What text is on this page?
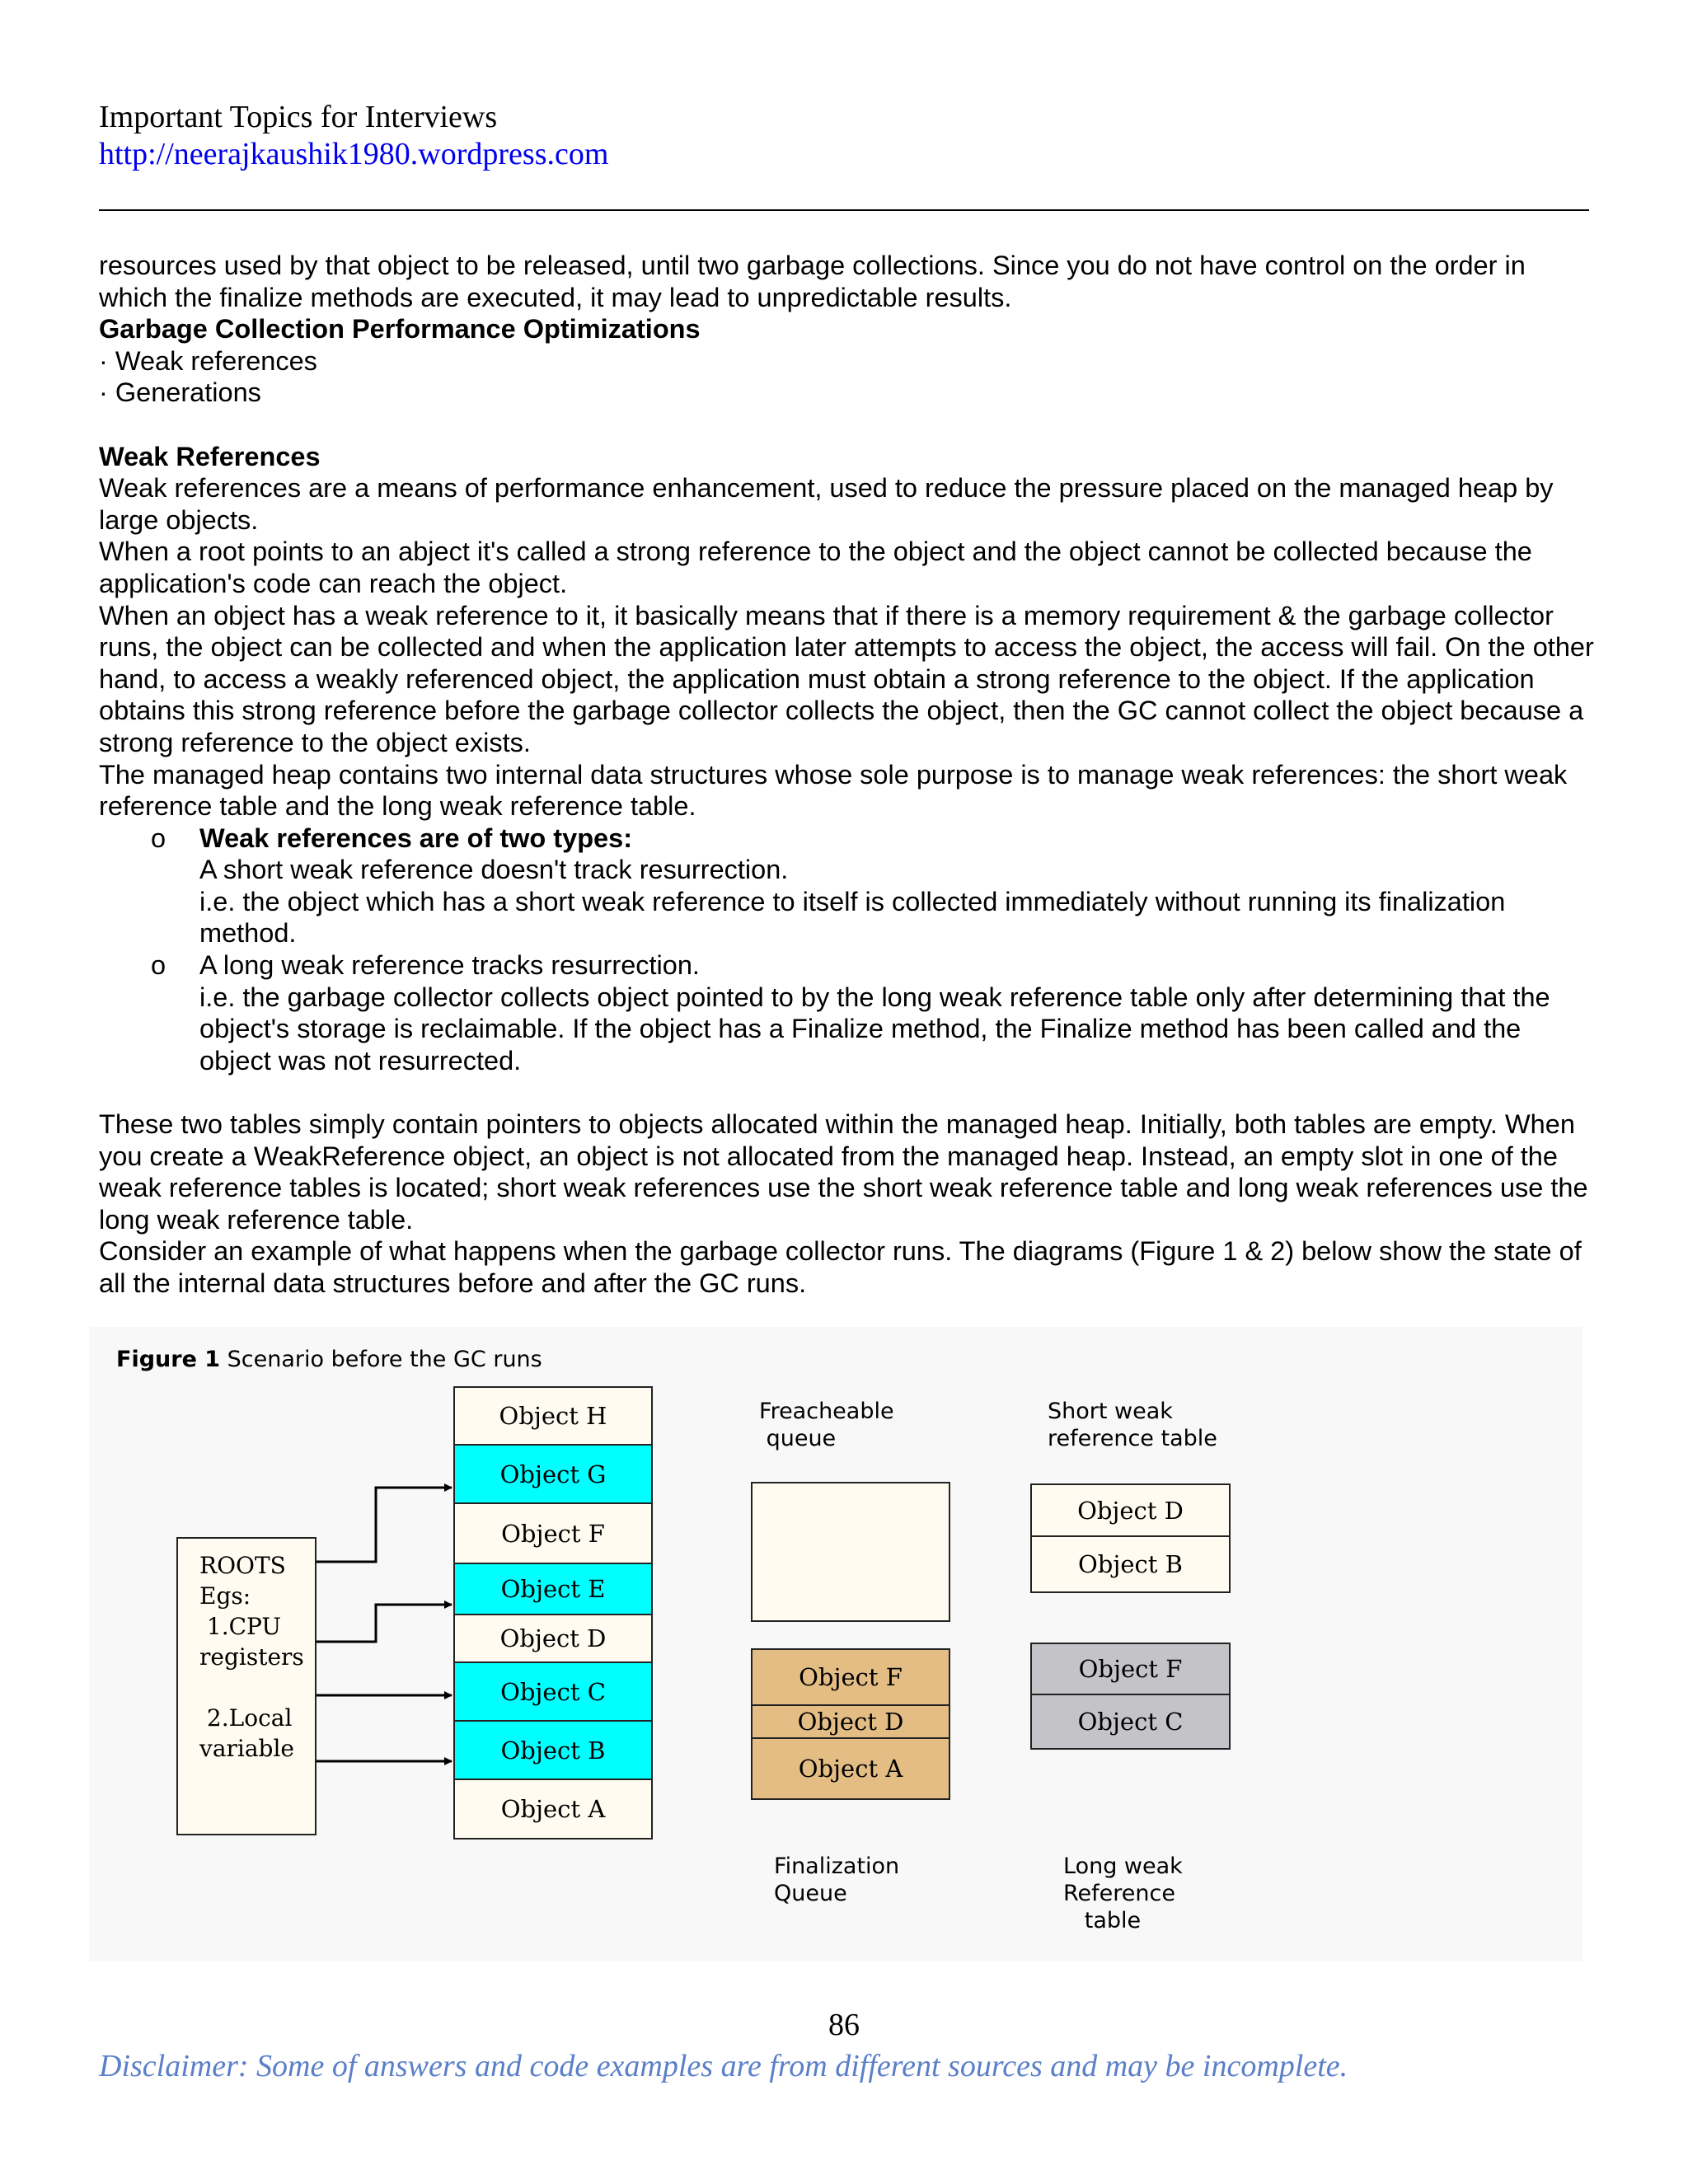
Important Topics for Interviews
http://neerajkaushik1980.wordpress.com

resources used by that object to be released, until two garbage collections. Since you do not have control on the order in which the finalize methods are executed, it may lead to unpredictable results.

Garbage Collection Performance Optimizations

· Weak references

· Generations

Weak References

Weak references are a means of performance enhancement, used to reduce the pressure placed on the managed heap by large objects.

When a root points to an abject it's called a strong reference to the object and the object cannot be collected because the application's code can reach the object.

When an object has a weak reference to it, it basically means that if there is a memory requirement & the garbage collector runs, the object can be collected and when the application later attempts to access the object, the access will fail. On the other hand, to access a weakly referenced object, the application must obtain a strong reference to the object. If the application obtains this strong reference before the garbage collector collects the object, then the GC cannot collect the object because a strong reference to the object exists.

The managed heap contains two internal data structures whose sole purpose is to manage weak references: the short weak reference table and the long weak reference table.

o Weak references are of two types:

A short weak reference doesn't track resurrection.

i.e. the object which has a short weak reference to itself is collected immediately without running its finalization method.

o A long weak reference tracks resurrection.

i.e. the garbage collector collects object pointed to by the long weak reference table only after determining that the object's storage is reclaimable. If the object has a Finalize method, the Finalize method has been called and the object was not resurrected.

These two tables simply contain pointers to objects allocated within the managed heap. Initially, both tables are empty. When you create a WeakReference object, an object is not allocated from the managed heap. Instead, an empty slot in one of the weak reference tables is located; short weak references use the short weak reference table and long weak references use the long weak reference table.

Consider an example of what happens when the garbage collector runs. The diagrams (Figure 1 & 2) below show the state of all the internal data structures before and after the GC runs.

Figure 1 Scenario before the GC runs

ROOTS

Egs:

1.CPU

registers

2.Local

variable

Object H
Object G
Object F
Object E
Object D
Object C
Object B
Object A
Freacheable
queue
Object F
Object D
Object A
Finalization
Queue
Short weak
reference table
Object D
Object B
Object F
Object C
Long weak
Reference
table
86
Disclaimer: Some of answers and code examples are from different sources and may be incomplete.
